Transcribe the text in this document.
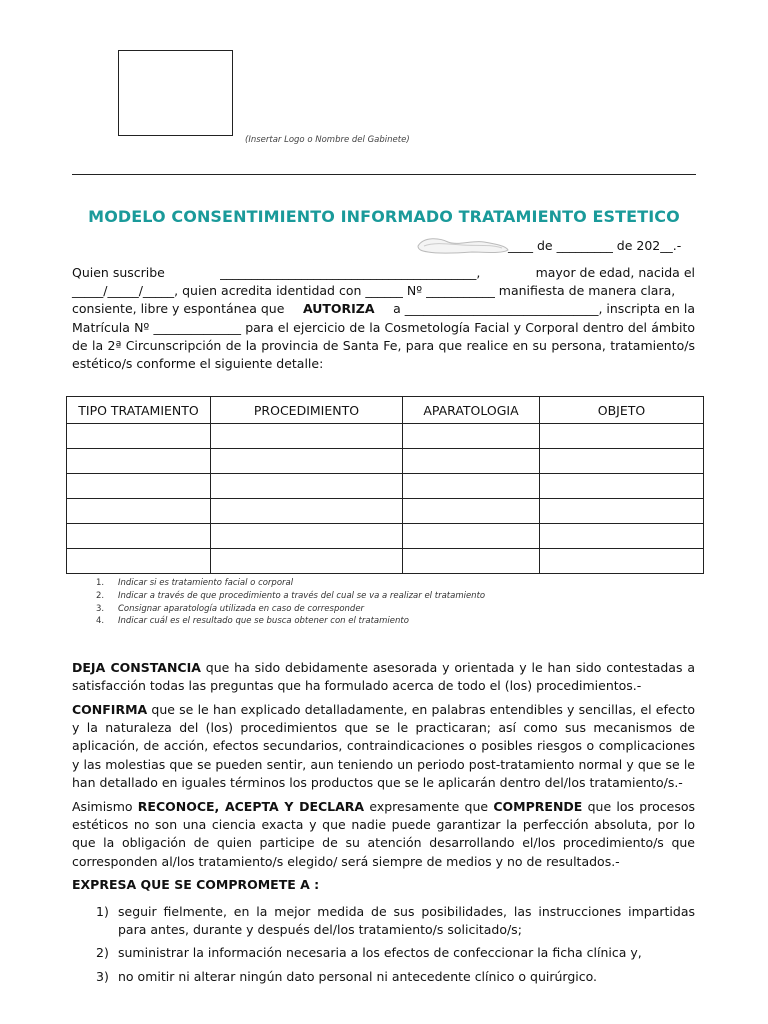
(Insertar Logo o Nombre del Gabinete)
MODELO CONSENTIMIENTO INFORMADO TRATAMIENTO ESTETICO
____ de _________ de 202__.-
Quien suscribe	_________________________________________,	mayor de edad, nacida el
_____/_____/_____, quien acredita identidad con ______ Nº ___________ manifiesta de manera clara,
consiente, libre y espontánea que AUTORIZA a _______________________________, inscripta en la
Matrícula Nº ______________ para el ejercicio de la Cosmetología Facial y Corporal dentro del ámbito de la 2ª Circunscripción de la provincia de Santa Fe, para que realice en su persona, tratamiento/s estético/s conforme el siguiente detalle:
TIPO TRATAMIENTO	PROCEDIMIENTO	APARATOLOGIA	OBJETO

1. Indicar si es tratamiento facial o corporal
2. Indicar a través de que procedimiento a través del cual se va a realizar el tratamiento
3. Consignar aparatología utilizada en caso de corresponder
4. Indicar cuál es el resultado que se busca obtener con el tratamiento
DEJA CONSTANCIA que ha sido debidamente asesorada y orientada y le han sido contestadas a satisfacción todas las preguntas que ha formulado acerca de todo el (los) procedimientos.-
CONFIRMA que se le han explicado detalladamente, en palabras entendibles y sencillas, el efecto y la naturaleza del (los) procedimientos que se le practicaran; así como sus mecanismos de aplicación, de acción, efectos secundarios, contraindicaciones o posibles riesgos o complicaciones y las molestias que se pueden sentir, aun teniendo un periodo post-tratamiento normal y que se le han detallado en iguales términos los productos que se le aplicarán dentro del/los tratamiento/s.-
Asimismo RECONOCE, ACEPTA Y DECLARA expresamente que COMPRENDE que los procesos estéticos no son una ciencia exacta y que nadie puede garantizar la perfección absoluta, por lo que la obligación de quien participe de su atención desarrollando el/los procedimiento/s que corresponden al/los tratamiento/s elegido/ será siempre de medios y no de resultados.-
EXPRESA QUE SE COMPROMETE A :
1) seguir fielmente, en la mejor medida de sus posibilidades, las instrucciones impartidas para antes, durante y después del/los tratamiento/s solicitado/s;
2) suministrar la información necesaria a los efectos de confeccionar la ficha clínica y,
3) no omitir ni alterar ningún dato personal ni antecedente clínico o quirúrgico.
